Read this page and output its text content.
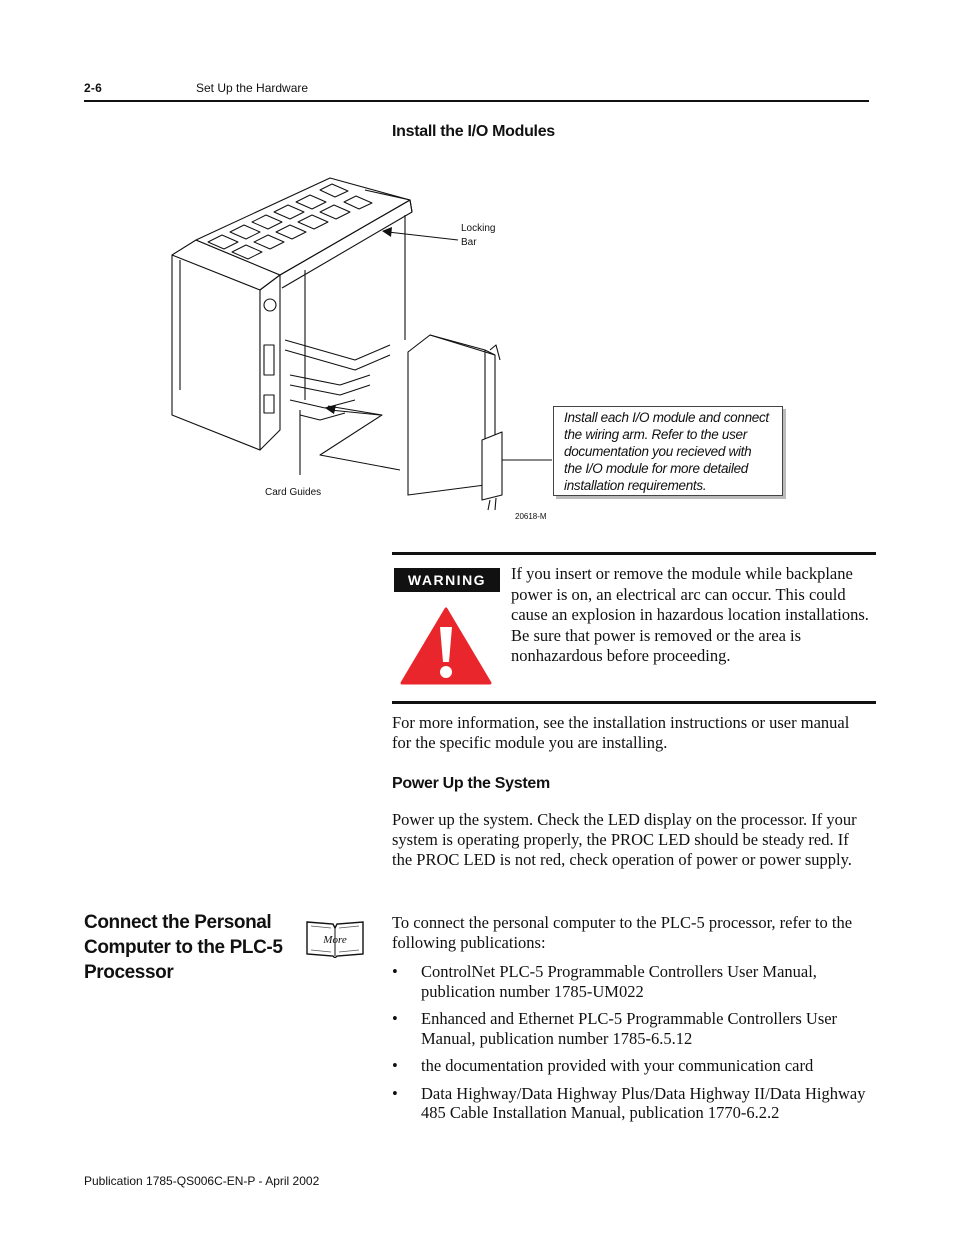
2-6	Set Up the Hardware
Install the I/O Modules
Locking
Bar
Card Guides
20618-M
Install each I/O module and connect the wiring arm. Refer to the user documentation you recieved with the I/O module for more detailed installation requirements.
WARNING	If you insert or remove the module while backplane power is on, an electrical arc can occur. This could cause an explosion in hazardous location installations. Be sure that power is removed or the area is nonhazardous before proceeding.

For more information, see the installation instructions or user manual for the specific module you are installing.

Power Up the System

Power up the system. Check the LED display on the processor. If your system is operating properly, the PROC LED should be steady red. If the PROC LED is not red, check operation of power or power supply.

Connect the Personal Computer to the PLC-5 Processor
More

To connect the personal computer to the PLC-5 processor, refer to the following publications:

• ControlNet PLC-5 Programmable Controllers User Manual, publication number 1785-UM022
• Enhanced and Ethernet PLC-5 Programmable Controllers User Manual, publication number 1785-6.5.12
• the documentation provided with your communication card
• Data Highway/Data Highway Plus/Data Highway II/Data Highway 485 Cable Installation Manual, publication 1770-6.2.2
Publication 1785-QS006C-EN-P - April 2002
